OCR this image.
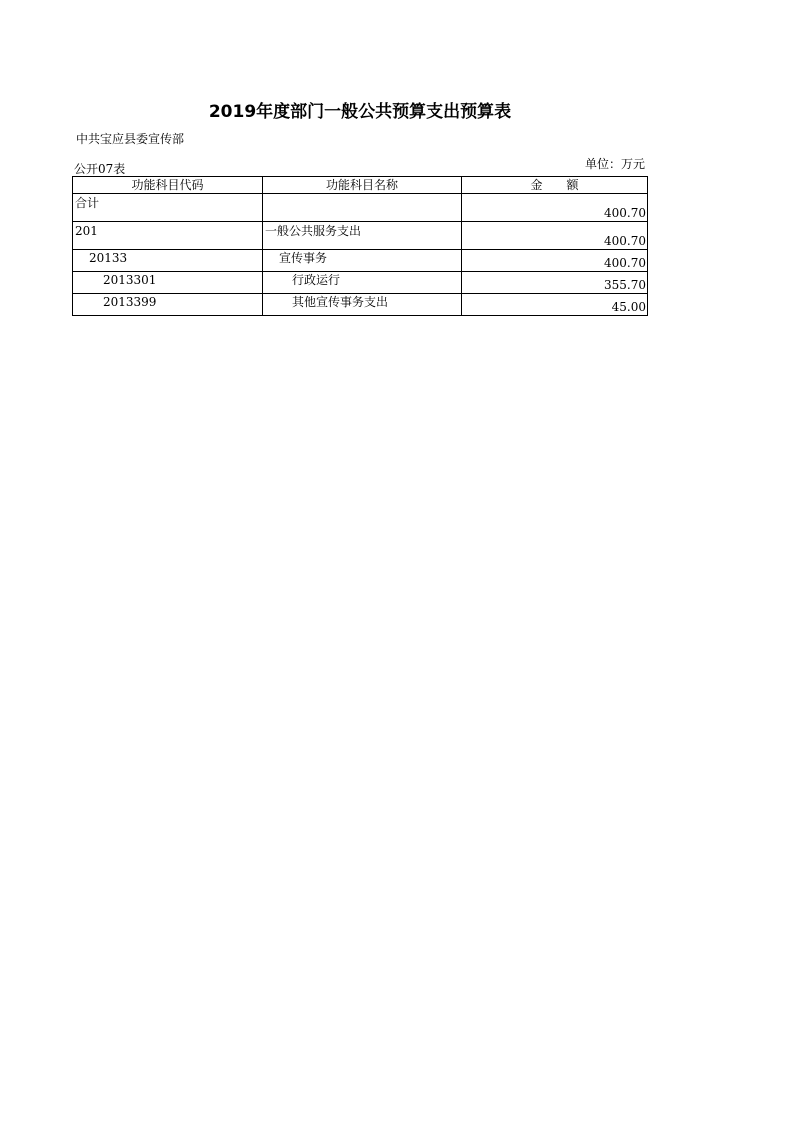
2019年度部门一般公共预算支出预算表
中共宝应县委宣传部
公开07表	单位：万元
功能科目代码	功能科目名称	金　　额
合计		400.70
201	一般公共服务支出	400.70
20133	宣传事务	400.70
2013301	行政运行	355.70
2013399	其他宣传事务支出	45.00
